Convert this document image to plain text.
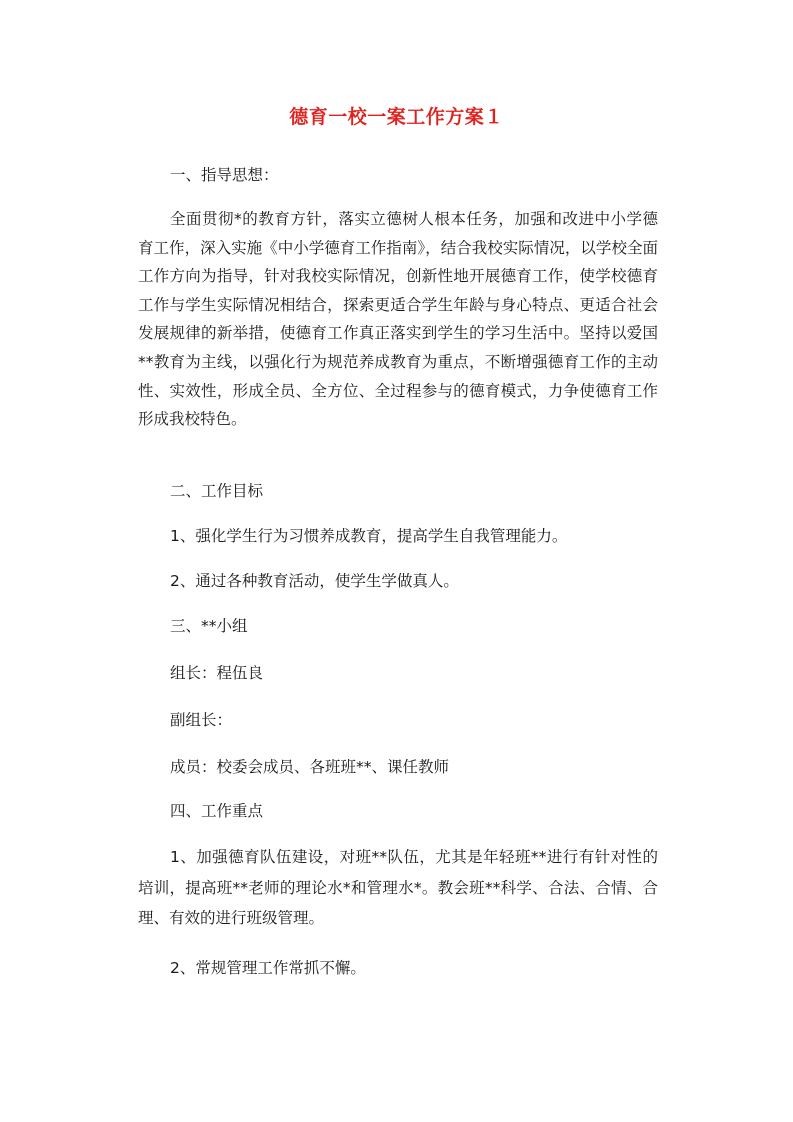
德育一校一案工作方案１

一、指导思想：

全面贯彻*的教育方针，落实立德树人根本任务，加强和改进中小学德育工作，深入实施《中小学德育工作指南》，结合我校实际情况，以学校全面工作方向为指导，针对我校实际情况，创新性地开展德育工作，使学校德育工作与学生实际情况相结合，探索更适合学生年龄与身心特点、更适合社会发展规律的新举措，使德育工作真正落实到学生的学习生活中。坚持以爱国**教育为主线，以强化行为规范养成教育为重点，不断增强德育工作的主动性、实效性，形成全员、全方位、全过程参与的德育模式，力争使德育工作形成我校特色。

二、工作目标

1、强化学生行为习惯养成教育，提高学生自我管理能力。

2、通过各种教育活动，使学生学做真人。

三、**小组

组长：程伍良

副组长：

成员：校委会成员、各班班**、课任教师

四、工作重点

1、加强德育队伍建设，对班**队伍，尤其是年轻班**进行有针对性的培训，提高班**老师的理论水*和管理水*。教会班**科学、合法、合情、合理、有效的进行班级管理。

2、常规管理工作常抓不懈。
